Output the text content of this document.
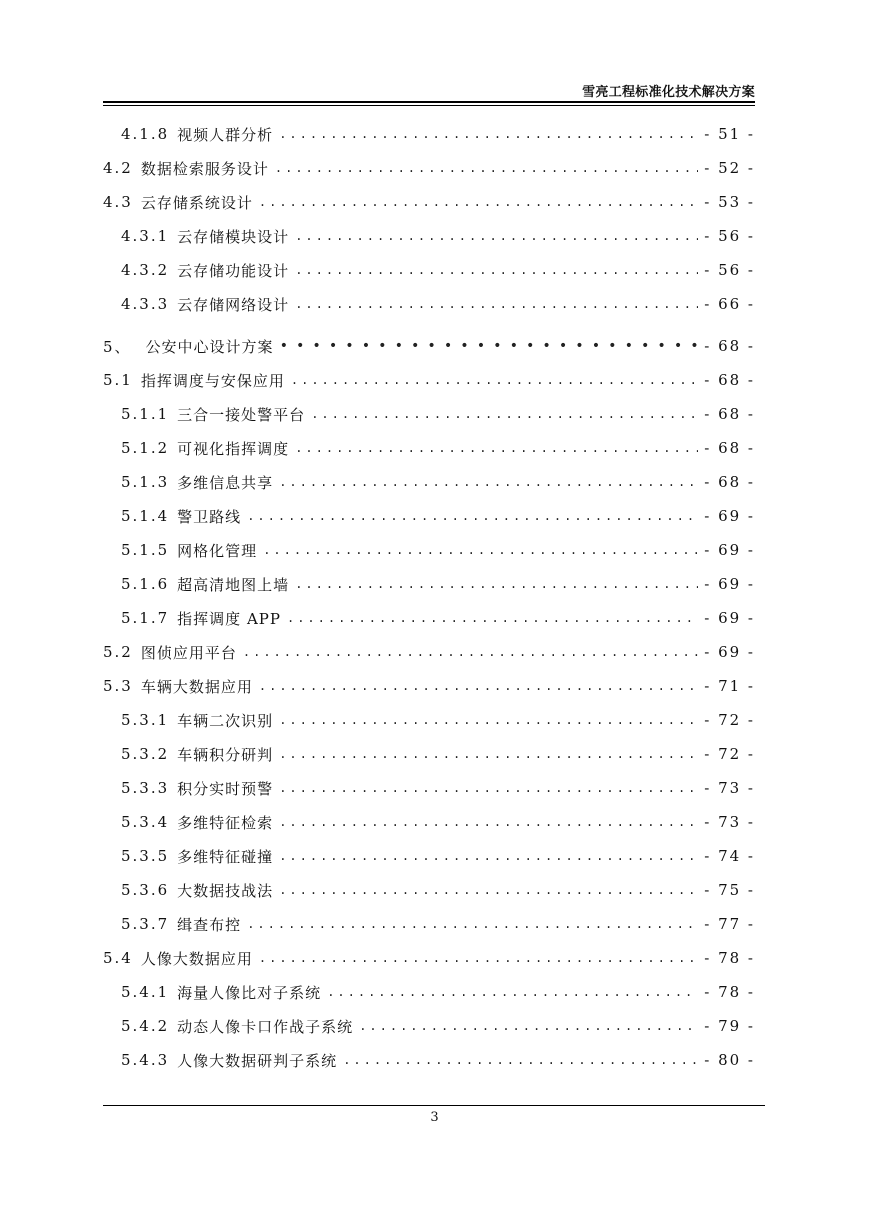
雪亮工程标准化技术解决方案
4.1.8 视频人群分析 .....	- 51 -
4.2 数据检索服务设计 .....	- 52 -
4.3 云存储系统设计 .....	- 53 -
4.3.1 云存储模块设计 .....	- 56 -
4.3.2 云存储功能设计 .....	- 56 -
4.3.3 云存储网络设计 .....	- 66 -
5、 公安中心设计方案 •••••	- 68 -
5.1 指挥调度与安保应用 .....	- 68 -
5.1.1 三合一接处警平台 .....	- 68 -
5.1.2 可视化指挥调度 .....	- 68 -
5.1.3 多维信息共享 .....	- 68 -
5.1.4 警卫路线 .....	- 69 -
5.1.5 网格化管理 .....	- 69 -
5.1.6 超高清地图上墙 .....	- 69 -
5.1.7 指挥调度 APP .....	- 69 -
5.2 图侦应用平台 .....	- 69 -
5.3 车辆大数据应用 .....	- 71 -
5.3.1 车辆二次识别 .....	- 72 -
5.3.2 车辆积分研判 .....	- 72 -
5.3.3 积分实时预警 .....	- 73 -
5.3.4 多维特征检索 .....	- 73 -
5.3.5 多维特征碰撞 .....	- 74 -
5.3.6 大数据技战法 .....	- 75 -
5.3.7 缉查布控 .....	- 77 -
5.4 人像大数据应用 .....	- 78 -
5.4.1 海量人像比对子系统 .....	- 78 -
5.4.2 动态人像卡口作战子系统 .....	- 79 -
5.4.3 人像大数据研判子系统 .....	- 80 -
3
